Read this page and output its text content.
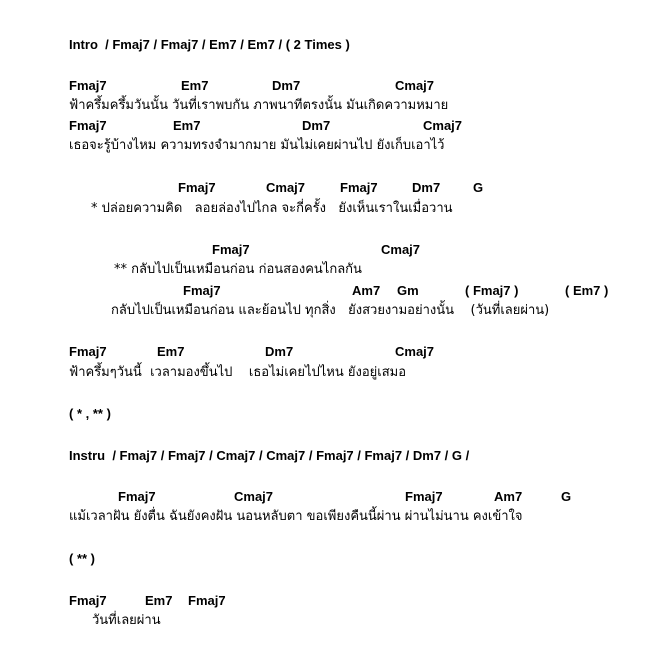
Intro  / Fmaj7 / Fmaj7 / Em7 / Em7 / ( 2 Times )
Fmaj7	Em7	Dm7	Cmaj7
ฟ้าครึ้มครึ้มวันนั้น วันที่เราพบกัน ภาพนาทีตรงนั้น มันเกิดความหมาย
Fmaj7	Em7	Dm7	Cmaj7
เธอจะรู้บ้างไหม ความทรงจำมากมาย มันไม่เคยผ่านไป ยังเก็บเอาไว้
Fmaj7	Cmaj7	Fmaj7	Dm7	G
* ปล่อยความคิด   ลอยล่องไปไกล จะกี่ครั้ง   ยังเห็นเราในเมื่อวาน
Fmaj7	Cmaj7
** กลับไปเป็นเหมือนก่อน ก่อนสองคนไกลกัน
Fmaj7	Am7 Gm	( Fmaj7 )	( Em7 )
กลับไปเป็นเหมือนก่อน และย้อนไป ทุกสิ่ง   ยังสวยงามอย่างนั้น    (วันที่เลยผ่าน)
Fmaj7	Em7	Dm7	Cmaj7
ฟ้าครึ้มๆวันนี้  เวลามองขึ้นไป    เธอไม่เคยไปไหน ยังอยู่เสมอ
( * , ** )
Instru  / Fmaj7 / Fmaj7 / Cmaj7 / Cmaj7 / Fmaj7 / Fmaj7 / Dm7 / G /
Fmaj7	Cmaj7	Fmaj7	Am7	G
แม้เวลาฝัน ยังตื่น ฉันยังคงฝัน นอนหลับตา ขอเพียงคืนนี้ผ่าน ผ่านไม่นาน คงเข้าใจ
( ** )
Fmaj7	Em7 Fmaj7
วันที่เลยผ่าน
